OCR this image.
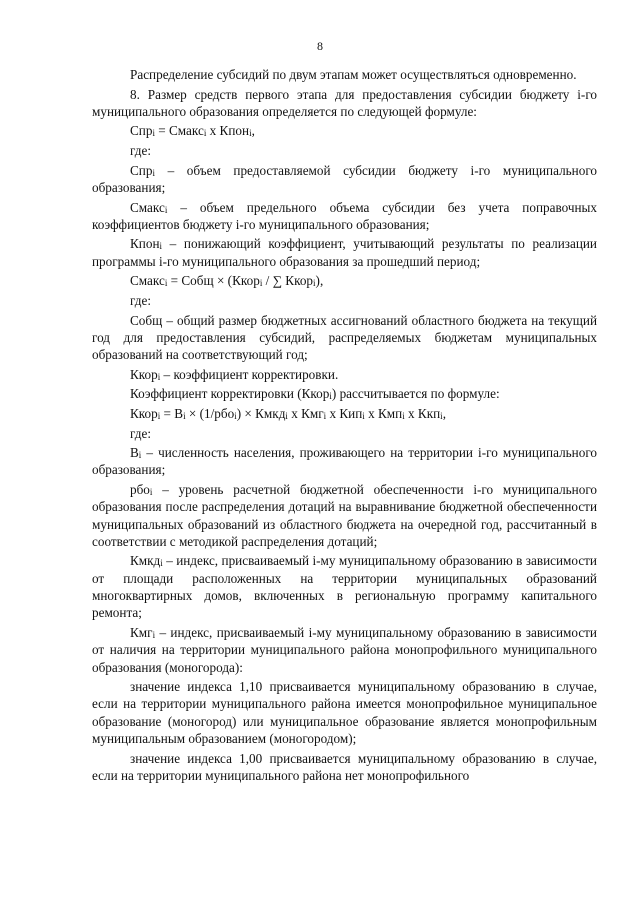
8

Распределение субсидий по двум этапам может осуществляться одновременно.

8. Размер средств первого этапа для предоставления субсидии бюджету i-го муниципального образования определяется по следующей формуле:

Спр$_i$ = Смакс$_i$ х Кпон$_i$,

где:

Спр$_i$ – объем предоставляемой субсидии бюджету i-го муниципального образования;

Смакс$_i$ – объем предельного объема субсидии без учета поправочных коэффициентов бюджету i-го муниципального образования;

Кпон$_i$ – понижающий коэффициент, учитывающий результаты по реализации программы i-го муниципального образования за прошедший период;

Смакс$_i$ = Собщ × (Ккор$_i$ / ∑ Ккор$_i$),

где:

Собщ – общий размер бюджетных ассигнований областного бюджета на текущий год для предоставления субсидий, распределяемых бюджетам муниципальных образований на соответствующий год;

Ккор$_i$ – коэффициент корректировки.

Коэффициент корректировки (Ккор$_i$) рассчитывается по формуле:

Ккор$_i$ = $В_i \times (1/рбо_i)$ × Кмкд$_i$ х Кмг$_i$ х Кип$_i$ х Кмп$_i$ х Ккп$_i$,

где:

$В_i$ – численность населения, проживающего на территории i-го муниципального образования;

рбо$_i$ – уровень расчетной бюджетной обеспеченности i-го муниципального образования после распределения дотаций на выравнивание бюджетной обеспеченности муниципальных образований из областного бюджета на очередной год, рассчитанный в соответствии с методикой распределения дотаций;

Кмкд$_i$ – индекс, присваиваемый i-му муниципальному образованию в зависимости от площади расположенных на территории муниципальных образований многоквартирных домов, включенных в региональную программу капитального ремонта;

Кмг$_i$ – индекс, присваиваемый i-му муниципальному образованию в зависимости от наличия на территории муниципального района монопрофильного муниципального образования (моногорода):

значение индекса 1,10 присваивается муниципальному образованию в случае, если на территории муниципального района имеется монопрофильное муниципальное образование (моногород) или муниципальное образование является монопрофильным муниципальным образованием (моногородом);

значение индекса 1,00 присваивается муниципальному образованию в случае, если на территории муниципального района нет монопрофильного
